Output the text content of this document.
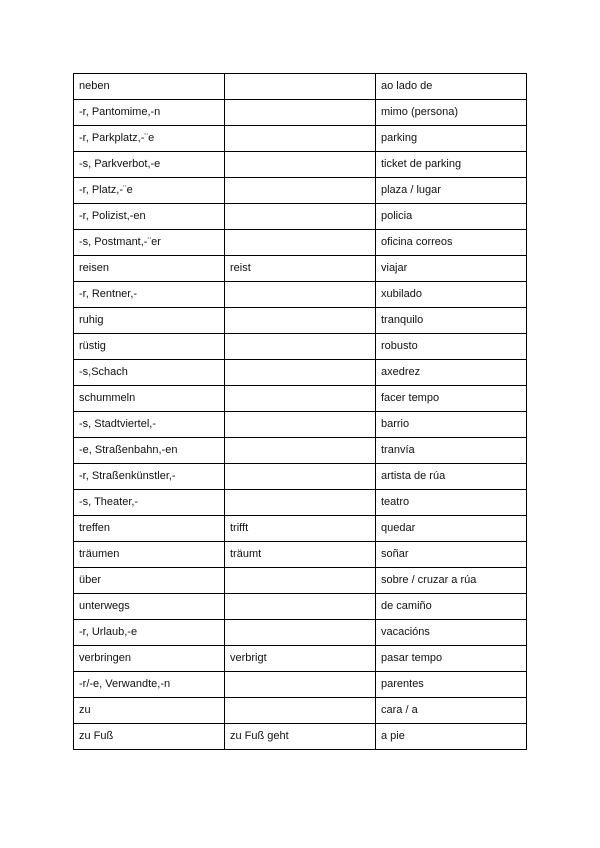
neben		ao lado de
-r, Pantomime,-n		mimo (persona)
-r, Parkplatz,-¨e		parking
-s, Parkverbot,-e		ticket de parking
-r, Platz,-¨e		plaza / lugar
-r, Polizist,-en		policia
-s, Postmant,-¨er		oficina correos
reisen	reist	viajar
-r, Rentner,-		xubilado
ruhig		tranquilo
rüstig		robusto
-s,Schach		axedrez
schummeln		facer tempo
-s, Stadtviertel,-		barrio
-e, Straßenbahn,-en		tranvía
-r, Straßenkünstler,-		artista de rúa
-s, Theater,-		teatro
treffen	trifft	quedar
träumen	träumt	soñar
über		sobre / cruzar a rúa
unterwegs		de camiño
-r, Urlaub,-e		vacacións
verbringen	verbrigt	pasar tempo
-r/-e, Verwandte,-n		parentes
zu		cara / a
zu Fuß	zu Fuß geht	a pie
